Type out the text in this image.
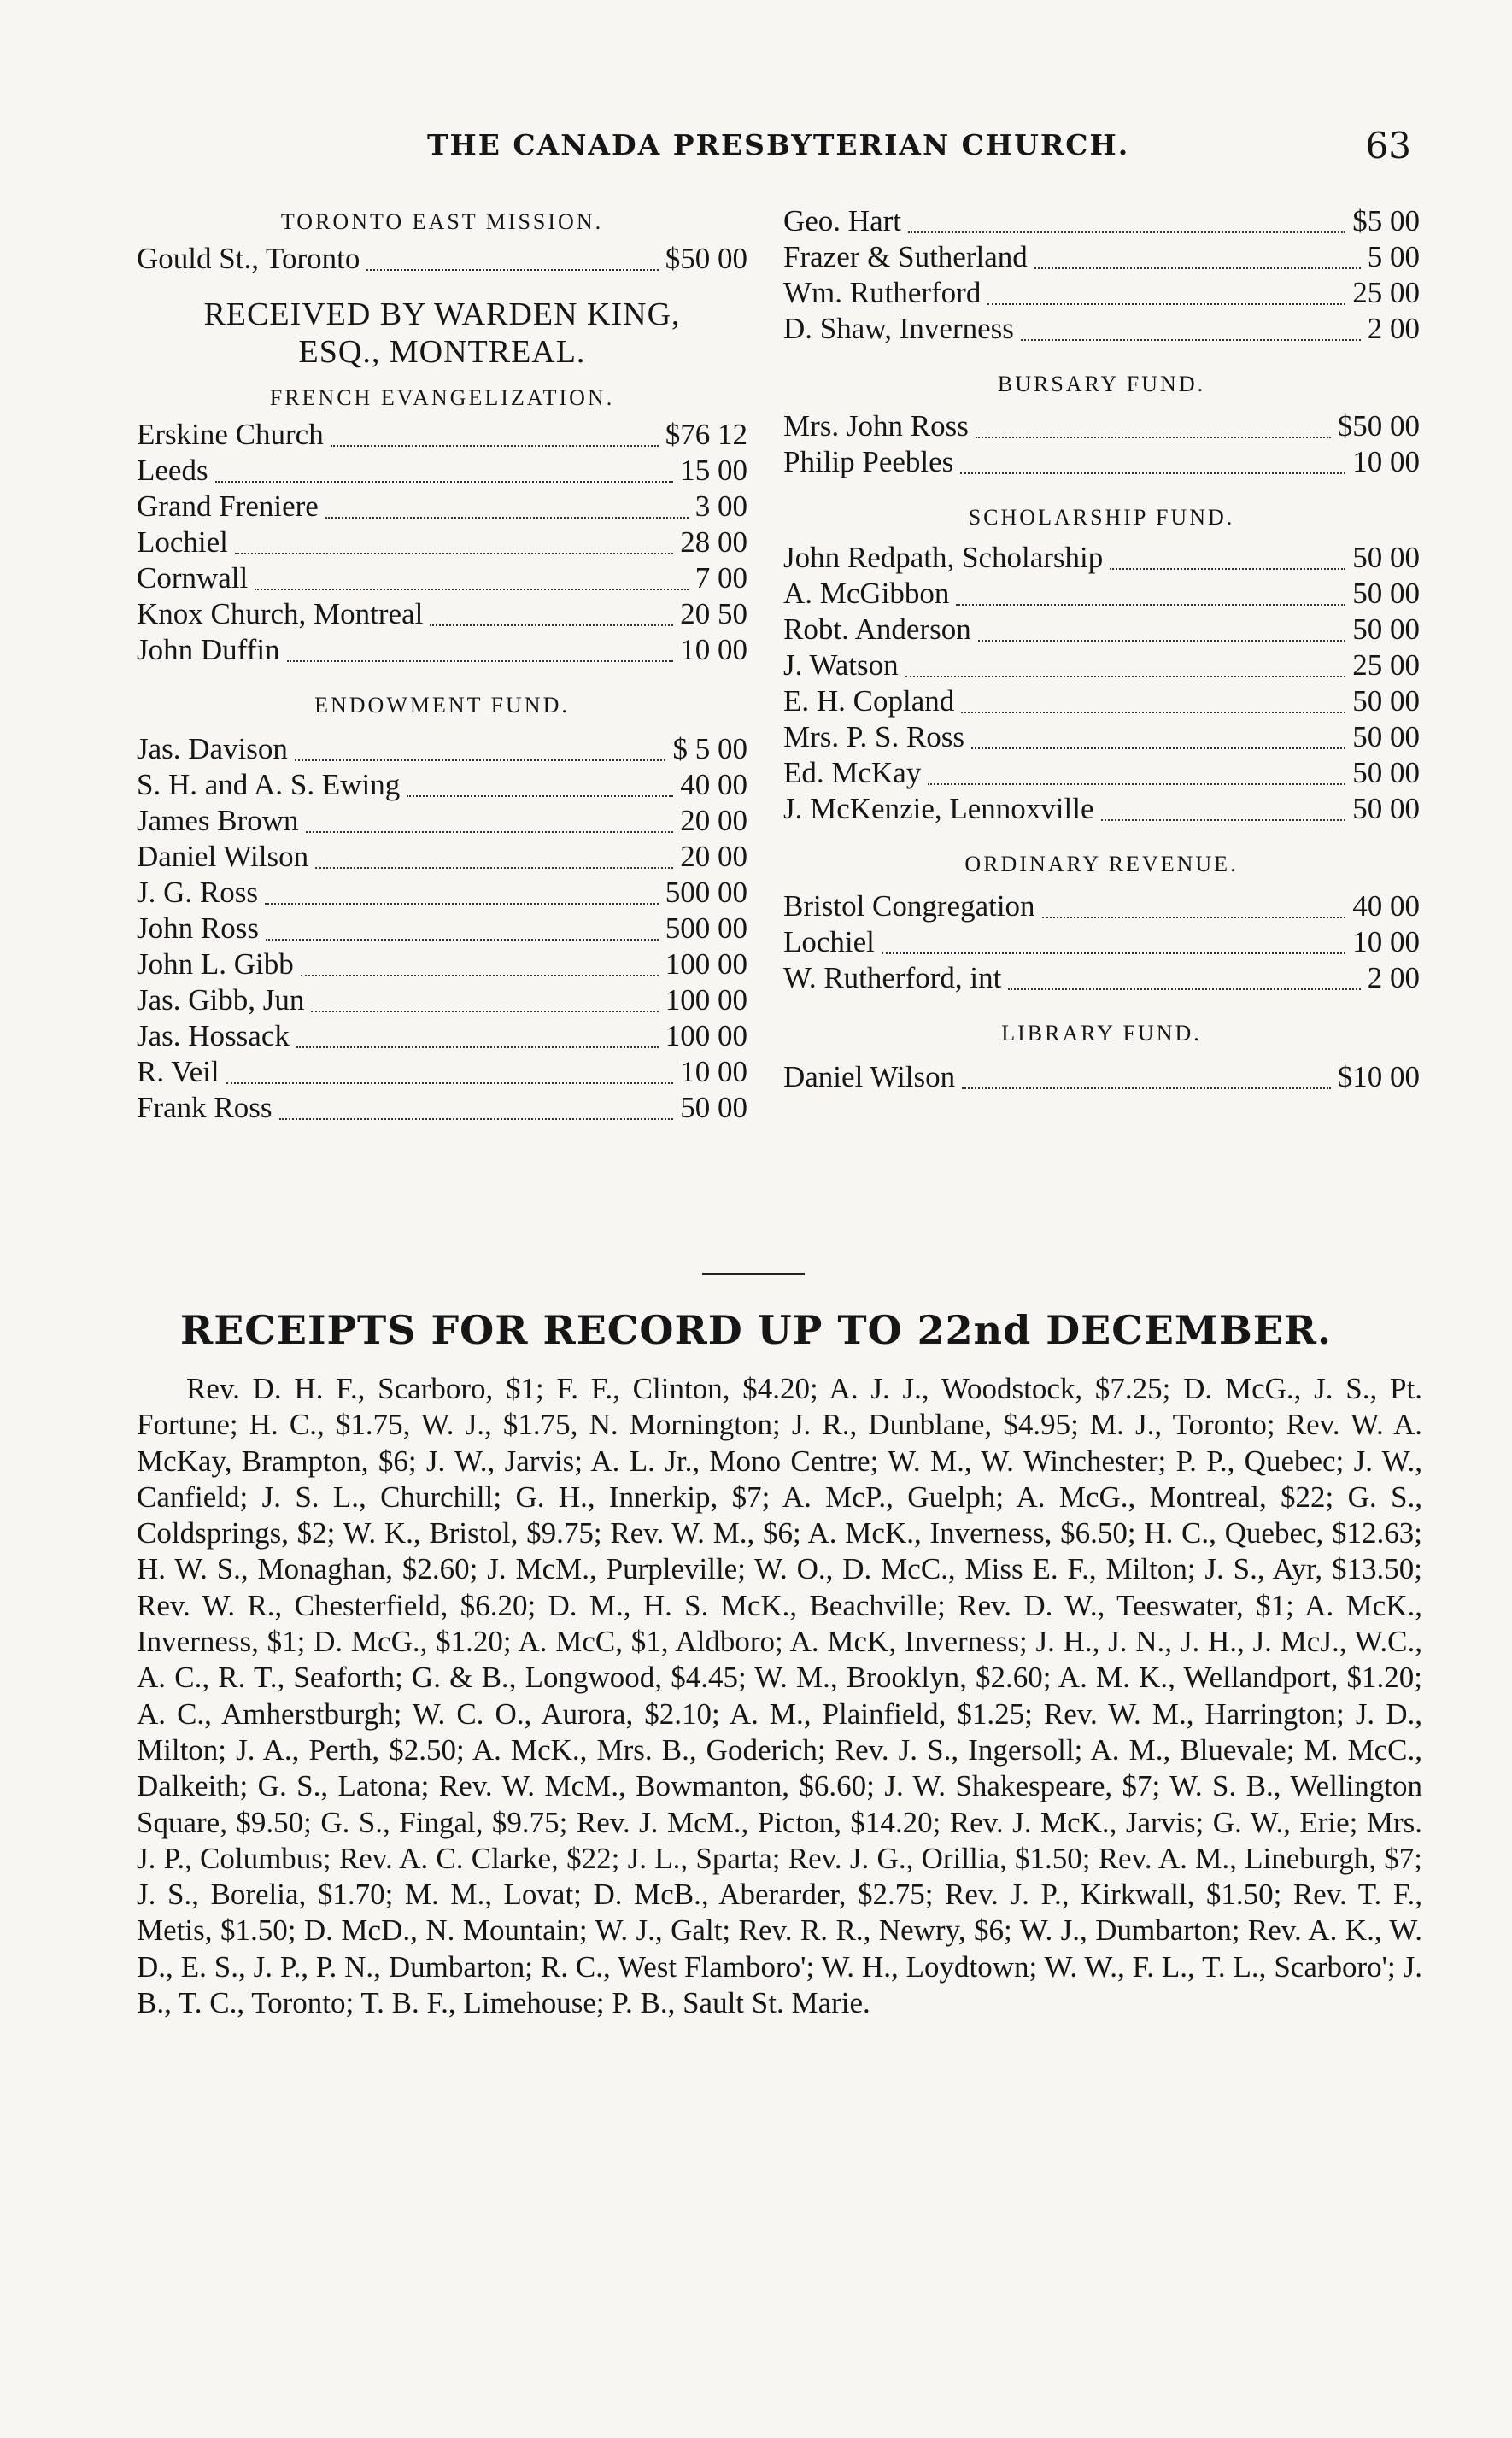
THE CANADA PRESBYTERIAN CHURCH.	63
TORONTO EAST MISSION.
Gould St., Toronto	$50 00
RECEIVED BY WARDEN KING,
ESQ., MONTREAL.
FRENCH EVANGELIZATION.
Erskine Church	$76 12
Leeds	15 00
Grand Freniere	3 00
Lochiel	28 00
Cornwall	7 00
Knox Church, Montreal	20 50
John Duffin	10 00
ENDOWMENT FUND.
Jas. Davison	$ 5 00
S. H. and A. S. Ewing	40 00
James Brown	20 00
Daniel Wilson	20 00
J. G. Ross	500 00
John Ross	500 00
John L. Gibb	100 00
Jas. Gibb, Jun	100 00
Jas. Hossack	100 00
R. Veil	10 00
Frank Ross	50 00
Geo. Hart	$5 00
Frazer & Sutherland	5 00
Wm. Rutherford	25 00
D. Shaw, Inverness	2 00
BURSARY FUND.
Mrs. John Ross	$50 00
Philip Peebles	10 00
SCHOLARSHIP FUND.
John Redpath, Scholarship	50 00
A. McGibbon	50 00
Robt. Anderson	50 00
J. Watson	25 00
E. H. Copland	50 00
Mrs. P. S. Ross	50 00
Ed. McKay	50 00
J. McKenzie, Lennoxville	50 00
ORDINARY REVENUE.
Bristol Congregation	40 00
Lochiel	10 00
W. Rutherford, int	2 00
LIBRARY FUND.
Daniel Wilson	$10 00
RECEIPTS FOR RECORD UP TO 22nd DECEMBER.
Rev. D. H. F., Scarboro, $1; F. F., Clinton, $4.20; A. J. J., Woodstock, $7.25; D. McG., J. S., Pt. Fortune; H. C., $1.75, W. J., $1.75, N. Mornington; J. R., Dunblane, $4.95; M. J., Toronto; Rev. W. A. McKay, Brampton, $6; J. W., Jarvis; A. L. Jr., Mono Centre; W. M., W. Winchester; P. P., Quebec; J. W., Canfield; J. S. L., Churchill; G. H., Innerkip, $7; A. McP., Guelph; A. McG., Montreal, $22; G. S., Coldsprings, $2; W. K., Bristol, $9.75; Rev. W. M., $6; A. McK., Inverness, $6.50; H. C., Quebec, $12.63; H. W. S., Monaghan, $2.60; J. McM., Purpleville; W. O., D. McC., Miss E. F., Milton; J. S., Ayr, $13.50; Rev. W. R., Chesterfield, $6.20; D. M., H. S. McK., Beachville; Rev. D. W., Teeswater, $1; A. McK., Inverness, $1; D. McG., $1.20; A. McC, $1, Aldboro; A. McK, Inverness; J. H., J. N., J. H., J. McJ., W.C., A. C., R. T., Seaforth; G. & B., Longwood, $4.45; W. M., Brooklyn, $2.60; A. M. K., Wellandport, $1.20; A. C., Amherstburgh; W. C. O., Aurora, $2.10; A. M., Plainfield, $1.25; Rev. W. M., Harrington; J. D., Milton; J. A., Perth, $2.50; A. McK., Mrs. B., Goderich; Rev. J. S., Ingersoll; A. M., Bluevale; M. McC., Dalkeith; G. S., Latona; Rev. W. McM., Bowmanton, $6.60; J. W. Shakespeare, $7; W. S. B., Wellington Square, $9.50; G. S., Fingal, $9.75; Rev. J. McM., Picton, $14.20; Rev. J. McK., Jarvis; G. W., Erie; Mrs. J. P., Columbus; Rev. A. C. Clarke, $22; J. L., Sparta; Rev. J. G., Orillia, $1.50; Rev. A. M., Lineburgh, $7; J. S., Borelia, $1.70; M. M., Lovat; D. McB., Aberarder, $2.75; Rev. J. P., Kirkwall, $1.50; Rev. T. F., Metis, $1.50; D. McD., N. Mountain; W. J., Galt; Rev. R. R., Newry, $6; W. J., Dumbarton; Rev. A. K., W. D., E. S., J. P., P. N., Dumbarton; R. C., West Flamboro'; W. H., Loydtown; W. W., F. L., T. L., Scarboro'; J. B., T. C., Toronto; T. B. F., Limehouse; P. B., Sault St. Marie.
